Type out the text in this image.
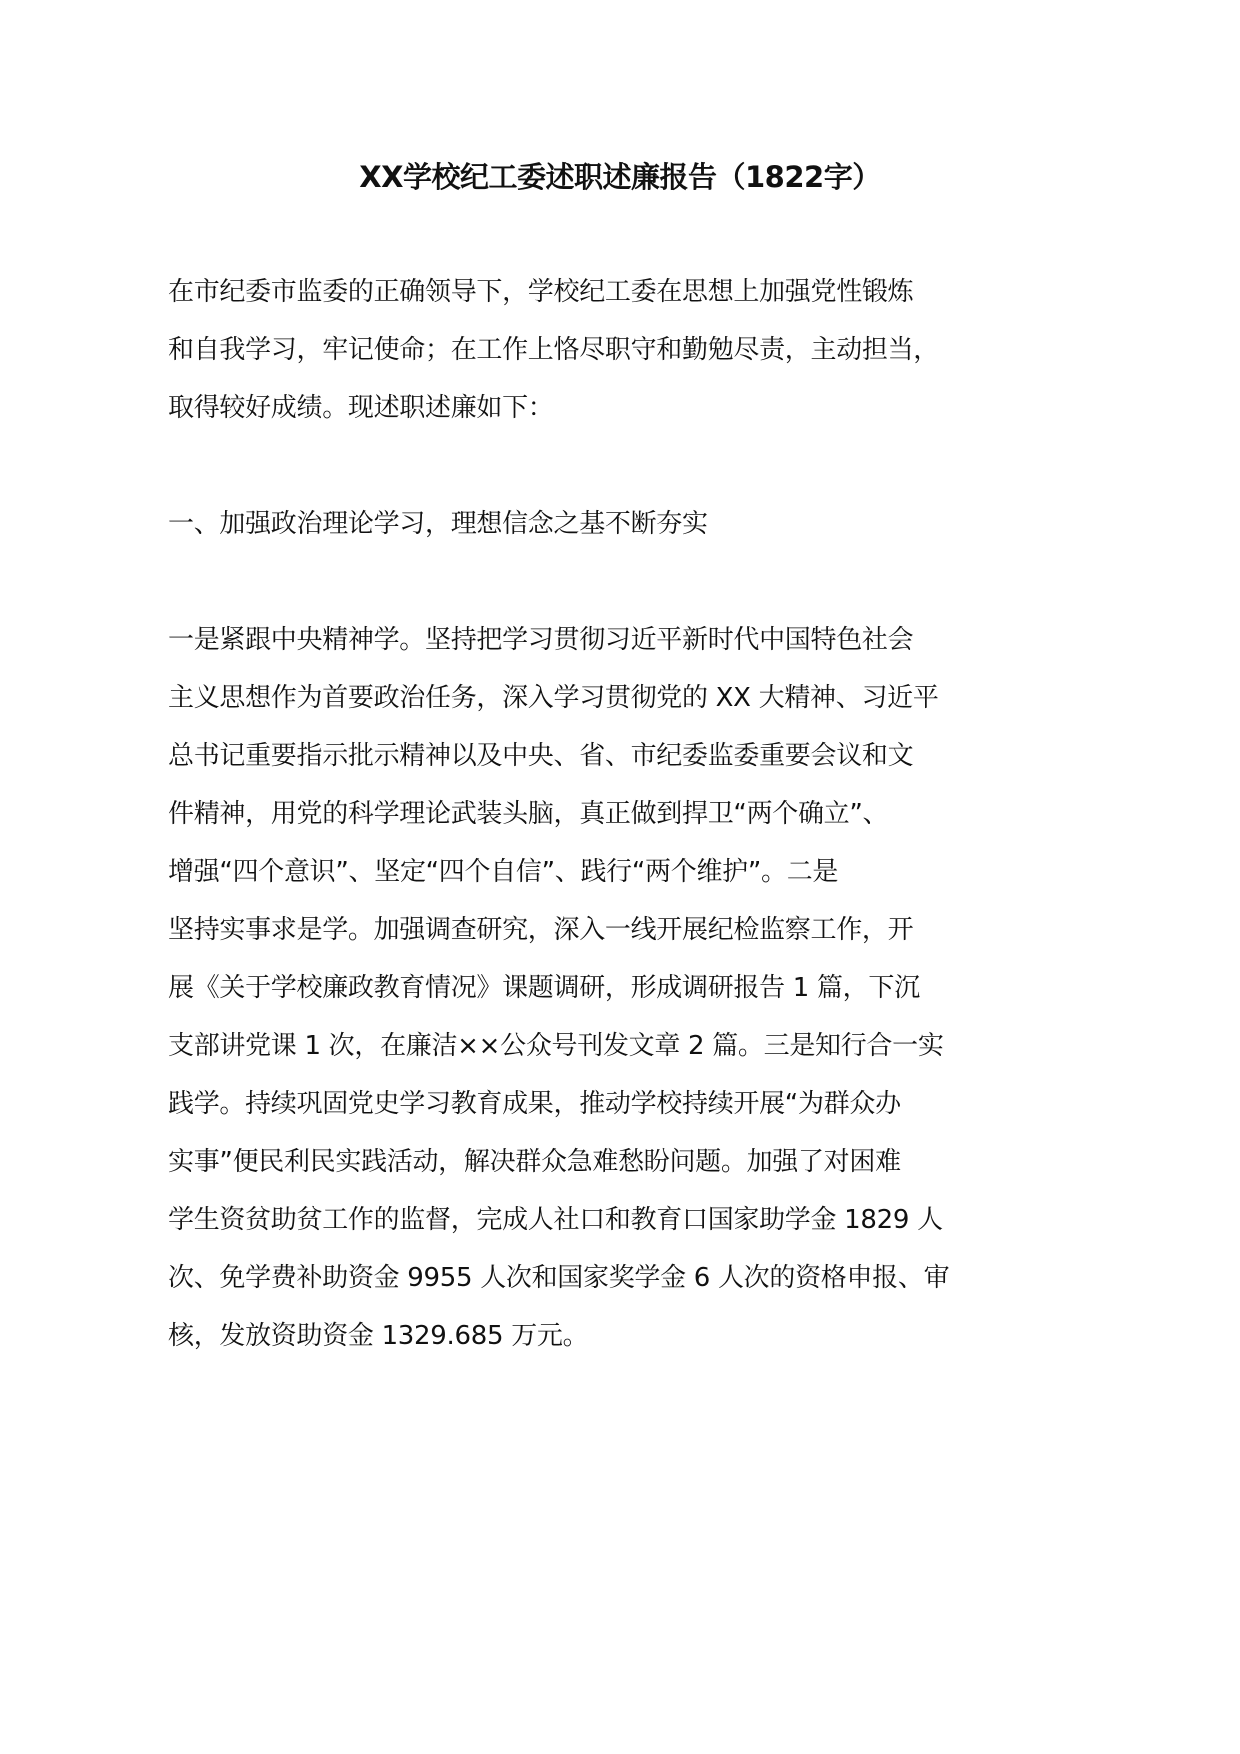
XX学校纪工委述职述廉报告（1822字）
在市纪委市监委的正确领导下，学校纪工委在思想上加强党性锻炼
和自我学习，牢记使命；在工作上恪尽职守和勤勉尽责，主动担当，
取得较好成绩。现述职述廉如下：
一、加强政治理论学习，理想信念之基不断夯实
一是紧跟中央精神学。坚持把学习贯彻习近平新时代中国特色社会
主义思想作为首要政治任务，深入学习贯彻党的 XX 大精神、习近平
总书记重要指示批示精神以及中央、省、市纪委监委重要会议和文
件精神，用党的科学理论武装头脑，真正做到捍卫“两个确立”、
增强“四个意识”、坚定“四个自信”、践行“两个维护”。二是
坚持实事求是学。加强调查研究，深入一线开展纪检监察工作，开
展《关于学校廉政教育情况》课题调研，形成调研报告 1 篇，下沉
支部讲党课 1 次，在廉洁××公众号刊发文章 2 篇。三是知行合一实
践学。持续巩固党史学习教育成果，推动学校持续开展“为群众办
实事”便民利民实践活动，解决群众急难愁盼问题。加强了对困难
学生资贫助贫工作的监督，完成人社口和教育口国家助学金 1829 人
次、免学费补助资金 9955 人次和国家奖学金 6 人次的资格申报、审
核，发放资助资金 1329.685 万元。
